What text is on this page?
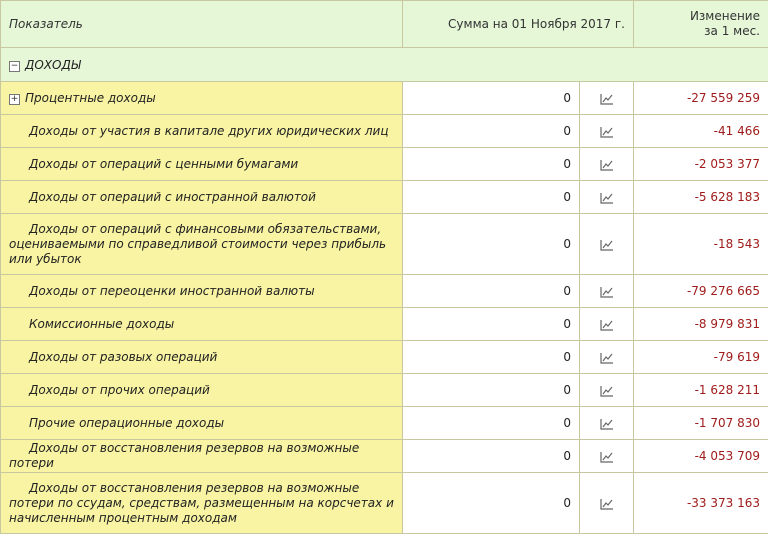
Показатель	Сумма на 01 Ноября 2017 г.		Изменение
за 1 мес.
− ДОХОДЫ			
+ Процентные доходы	0		-27 559 259
Доходы от участия в капитале других юридических лиц	0		-41 466
Доходы от операций с ценными бумагами	0		-2 053 377
Доходы от операций с иностранной валютой	0		-5 628 183
Доходы от операций с финансовыми обязательствами, оцениваемыми по справедливой стоимости через прибыль или убыток	0		-18 543
Доходы от переоценки иностранной валюты	0		-79 276 665
Комиссионные доходы	0		-8 979 831
Доходы от разовых операций	0		-79 619
Доходы от прочих операций	0		-1 628 211
Прочие операционные доходы	0		-1 707 830
Доходы от восстановления резервов на возможные потери	0		-4 053 709
Доходы от восстановления резервов на возможные потери по ссудам, средствам, размещенным на корсчетах и начисленным процентным доходам	0		-33 373 163
